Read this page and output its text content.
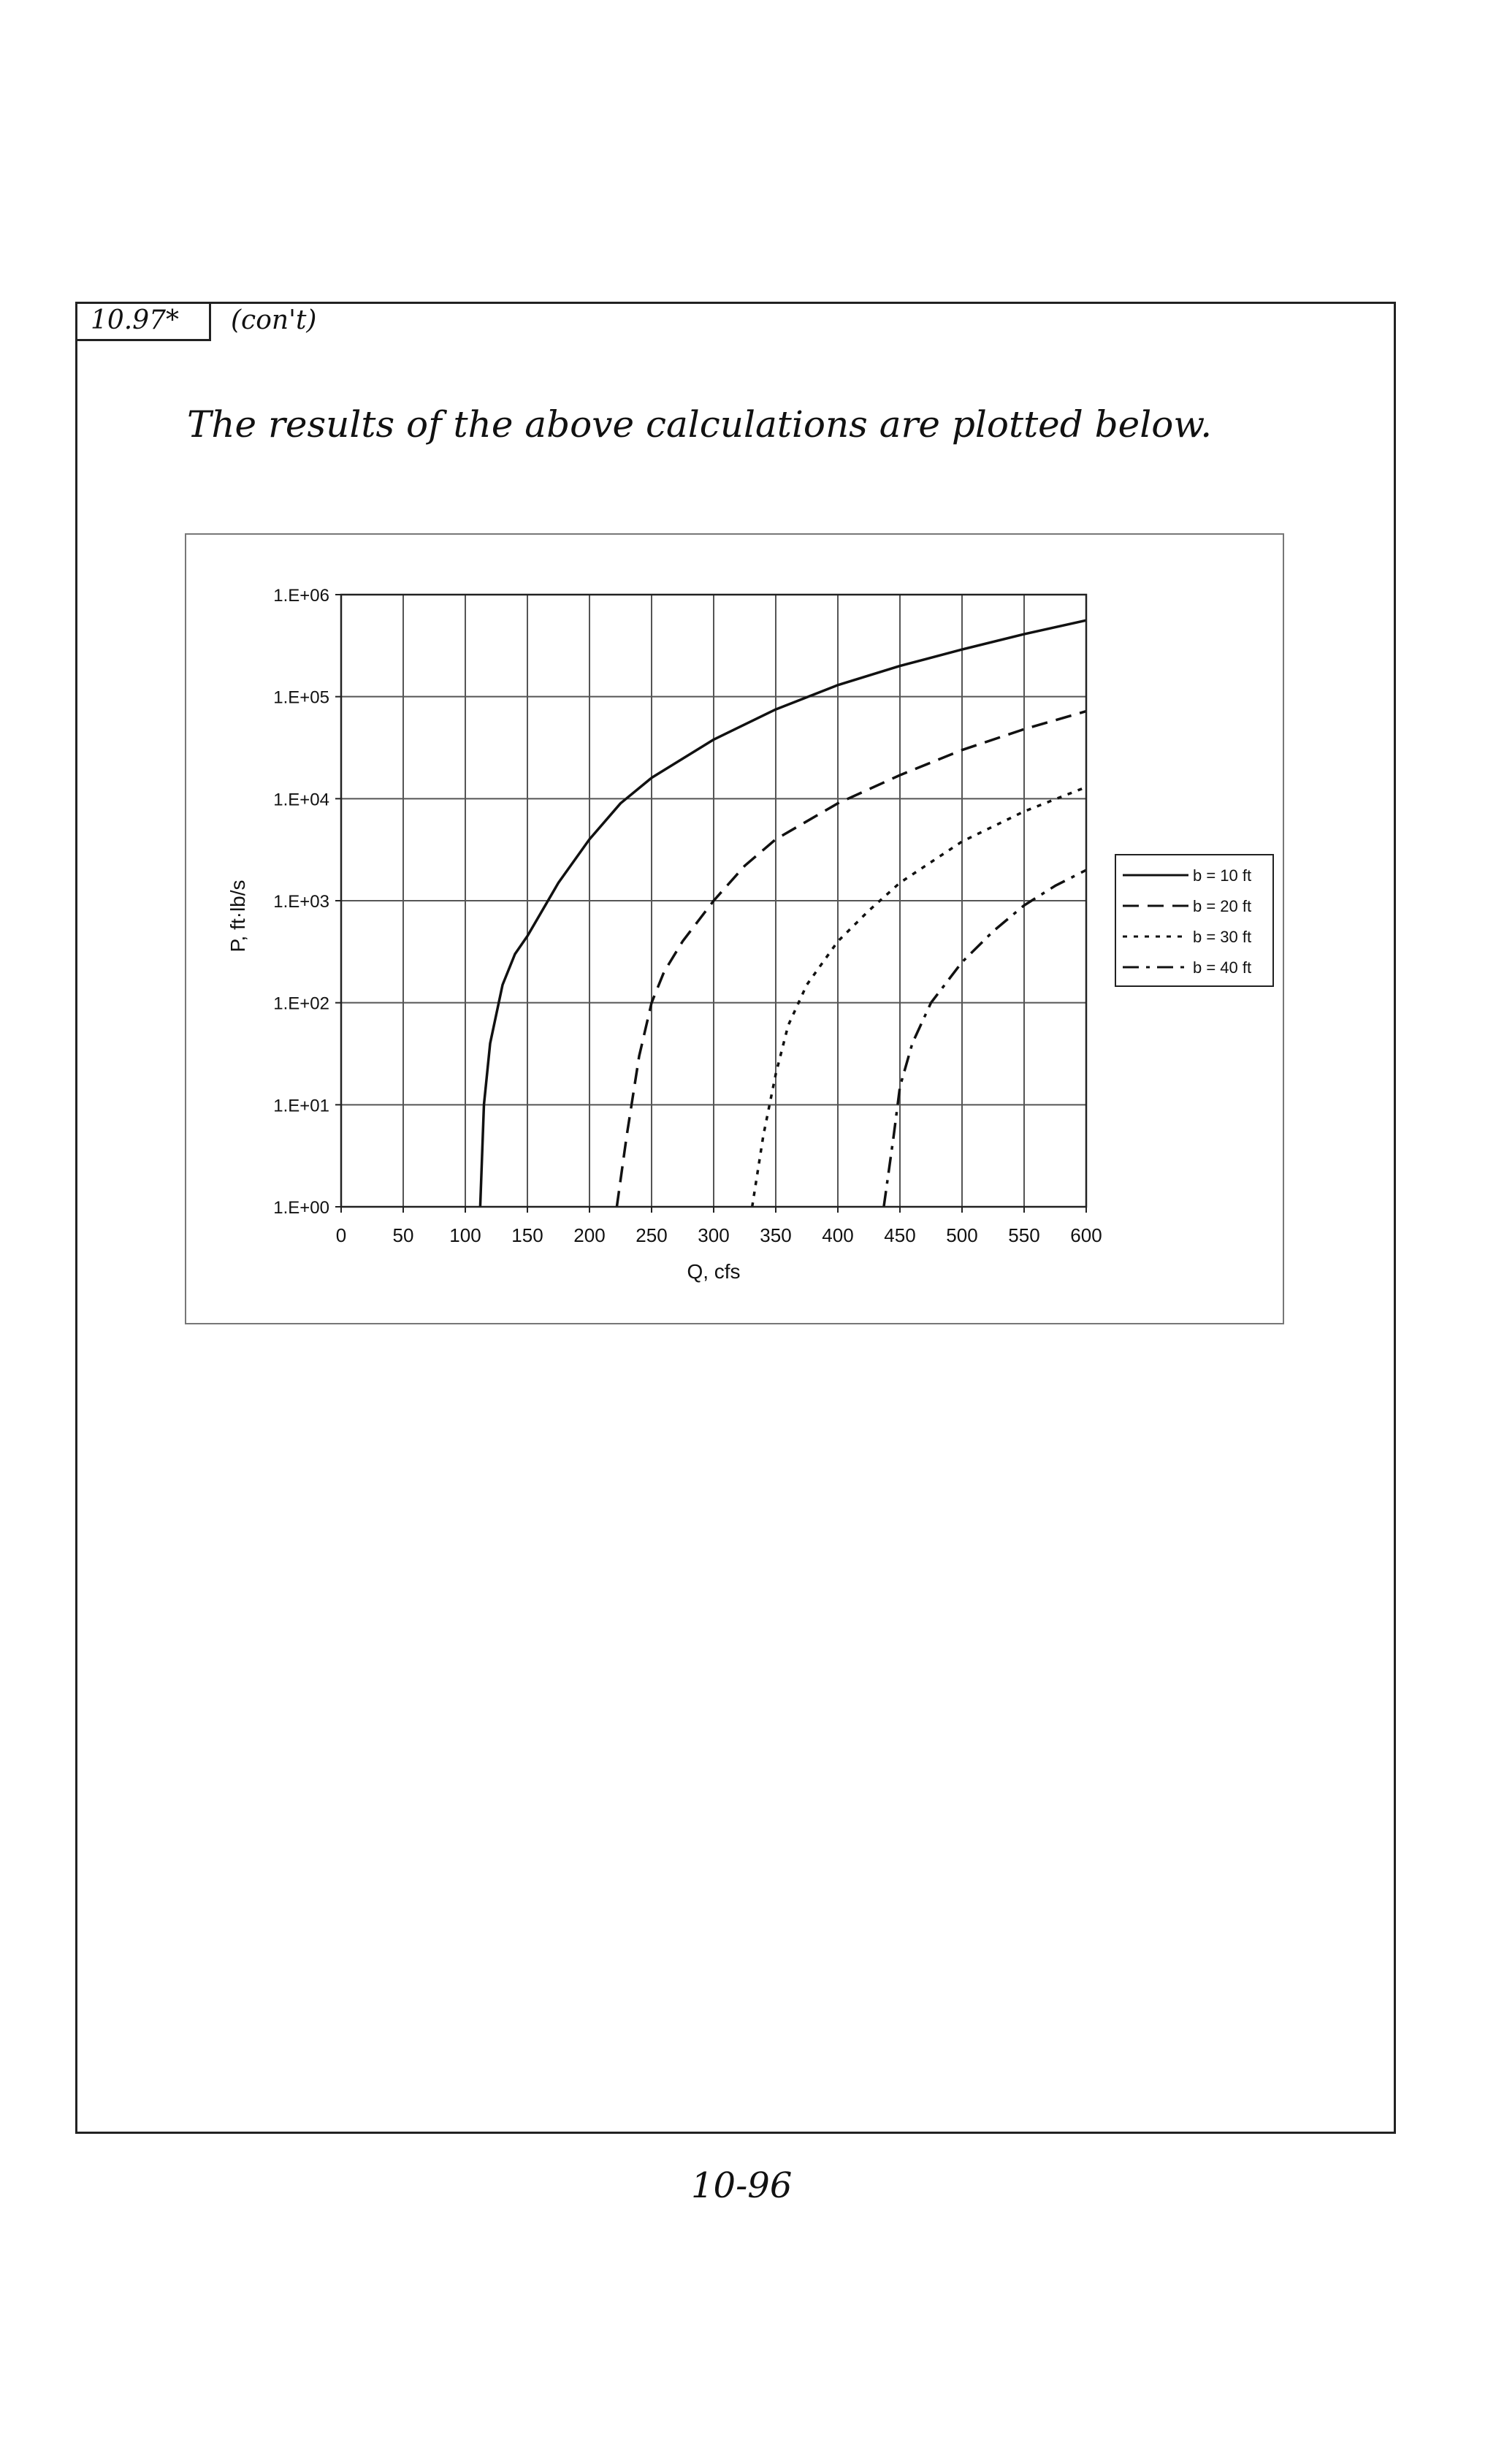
10.97* (con't)
The results of the above calculations are plotted below.
0 50 100 150 200 250 300 350 400 450 500 550 600
1.E+00
1.E+01
1.E+02
1.E+03
1.E+04
1.E+05
1.E+06
Q, cfs
P, ft·lb/s
b = 10 ft
b = 20 ft
b = 30 ft
b = 40 ft
10-96
